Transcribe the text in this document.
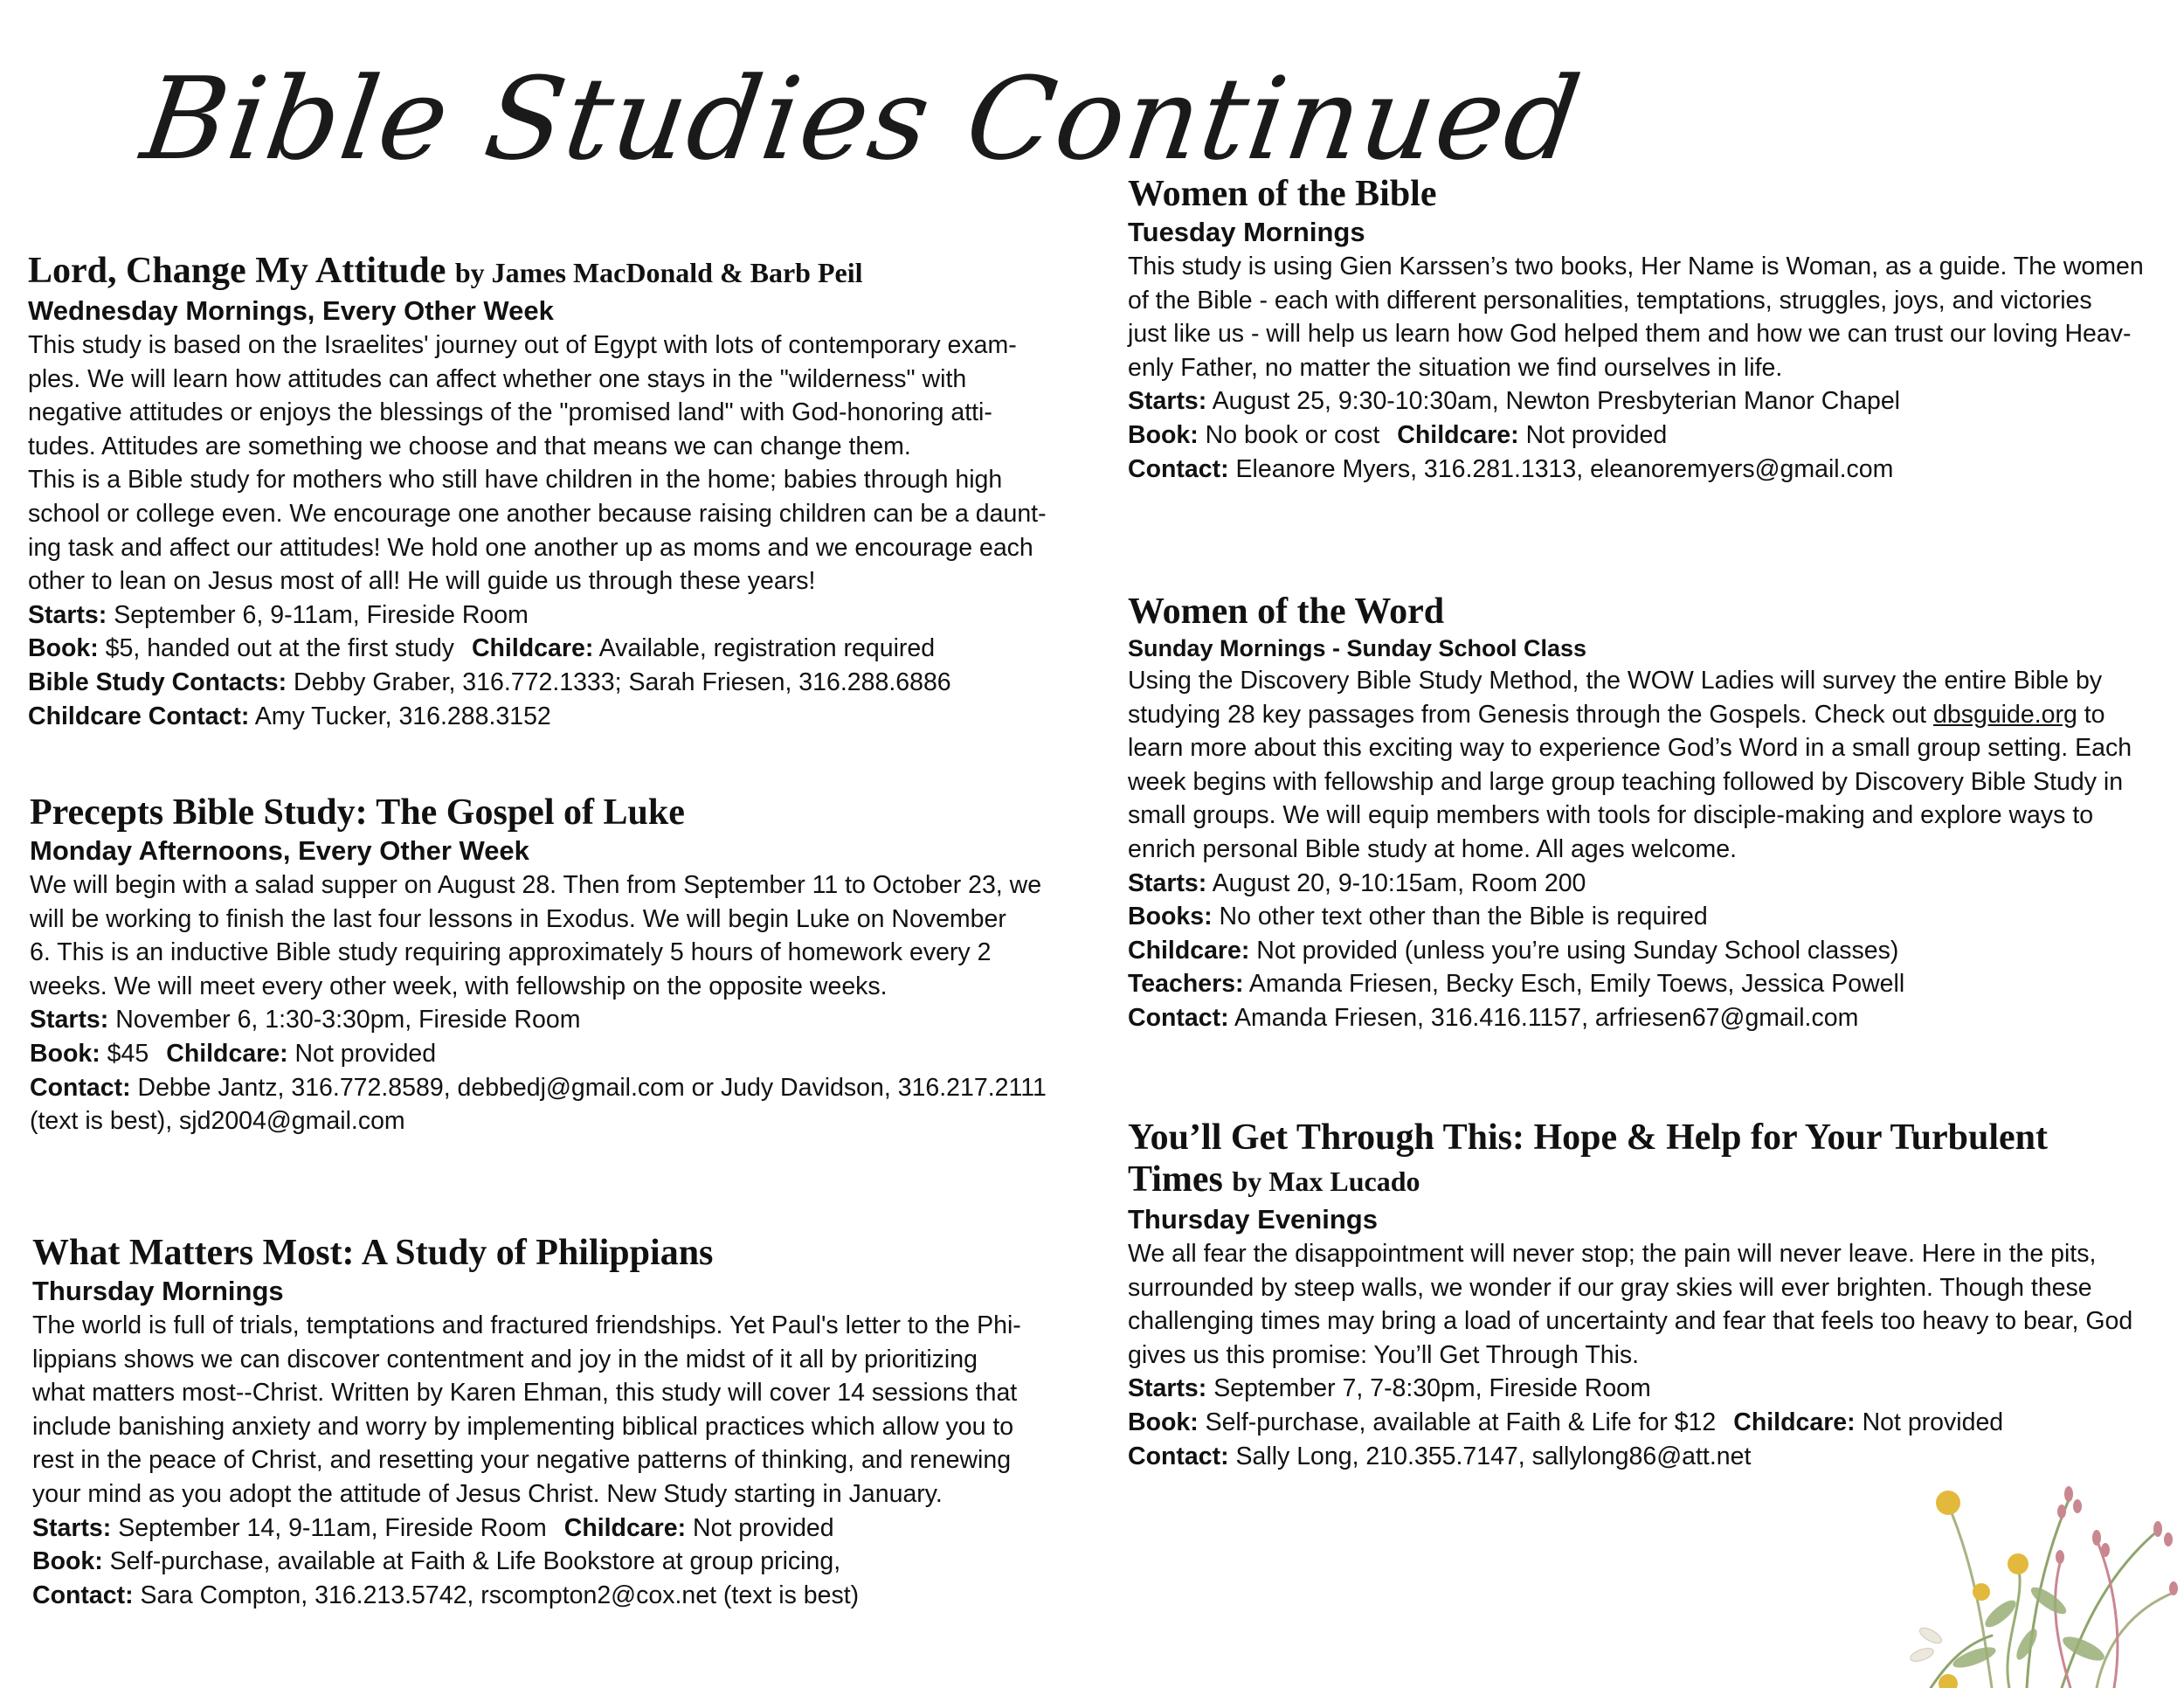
Bible Studies Continued
Lord, Change My Attitude by James MacDonald & Barb Peil
Wednesday Mornings, Every Other Week

This study is based on the Israelites' journey out of Egypt with lots of contemporary exam-

ples. We will learn how attitudes can affect whether one stays in the "wilderness" with

negative attitudes or enjoys the blessings of the "promised land" with God-honoring atti-

tudes. Attitudes are something we choose and that means we can change them.

This is a Bible study for mothers who still have children in the home; babies through high

school or college even. We encourage one another because raising children can be a daunt-

ing task and affect our attitudes! We hold one another up as moms and we encourage each

other to lean on Jesus most of all! He will guide us through these years!

Starts: September 6, 9-11am, Fireside Room
Book: $5, handed out at the first study Childcare: Available, registration required
Bible Study Contacts: Debby Graber, 316.772.1333; Sarah Friesen, 316.288.6886
Childcare Contact: Amy Tucker, 316.288.3152
Precepts Bible Study: The Gospel of Luke
Monday Afternoons, Every Other Week

We will begin with a salad supper on August 28. Then from September 11 to October 23, we

will be working to finish the last four lessons in Exodus. We will begin Luke on November

6. This is an inductive Bible study requiring approximately 5 hours of homework every 2

weeks. We will meet every other week, with fellowship on the opposite weeks.

Starts: November 6, 1:30-3:30pm, Fireside Room
Book: $45 Childcare: Not provided
Contact: Debbe Jantz, 316.772.8589, debbedj@gmail.com or Judy Davidson, 316.217.2111
(text is best), sjd2004@gmail.com
What Matters Most: A Study of Philippians
Thursday Mornings

The world is full of trials, temptations and fractured friendships. Yet Paul's letter to the Phi-

lippians shows we can discover contentment and joy in the midst of it all by prioritizing

what matters most--Christ. Written by Karen Ehman, this study will cover 14 sessions that

include banishing anxiety and worry by implementing biblical practices which allow you to

rest in the peace of Christ, and resetting your negative patterns of thinking, and renewing

your mind as you adopt the attitude of Jesus Christ. New Study starting in January.

Starts: September 14, 9-11am, Fireside Room Childcare: Not provided
Book: Self-purchase, available at Faith & Life Bookstore at group pricing,
Contact: Sara Compton, 316.213.5742, rscompton2@cox.net (text is best)
Women of the Bible
Tuesday Mornings

This study is using Gien Karssen’s two books, Her Name is Woman, as a guide. The women

of the Bible - each with different personalities, temptations, struggles, joys, and victories

just like us - will help us learn how God helped them and how we can trust our loving Heav-

enly Father, no matter the situation we find ourselves in life.

Starts: August 25, 9:30-10:30am, Newton Presbyterian Manor Chapel
Book: No book or cost Childcare: Not provided
Contact: Eleanore Myers, 316.281.1313, eleanoremyers@gmail.com
Women of the Word
Sunday Mornings - Sunday School Class

Using the Discovery Bible Study Method, the WOW Ladies will survey the entire Bible by

studying 28 key passages from Genesis through the Gospels. Check out dbsguide.org to

learn more about this exciting way to experience God’s Word in a small group setting. Each

week begins with fellowship and large group teaching followed by Discovery Bible Study in

small groups. We will equip members with tools for disciple-making and explore ways to

enrich personal Bible study at home. All ages welcome.

Starts: August 20, 9-10:15am, Room 200
Books: No other text other than the Bible is required
Childcare: Not provided (unless you’re using Sunday School classes)
Teachers: Amanda Friesen, Becky Esch, Emily Toews, Jessica Powell
Contact: Amanda Friesen, 316.416.1157, arfriesen67@gmail.com
You’ll Get Through This: Hope & Help for Your Turbulent
Times by Max Lucado
Thursday Evenings

We all fear the disappointment will never stop; the pain will never leave. Here in the pits,

surrounded by steep walls, we wonder if our gray skies will ever brighten. Though these

challenging times may bring a load of uncertainty and fear that feels too heavy to bear, God

gives us this promise: You’ll Get Through This.

Starts: September 7, 7-8:30pm, Fireside Room
Book: Self-purchase, available at Faith & Life for $12 Childcare: Not provided
Contact: Sally Long, 210.355.7147, sallylong86@att.net
